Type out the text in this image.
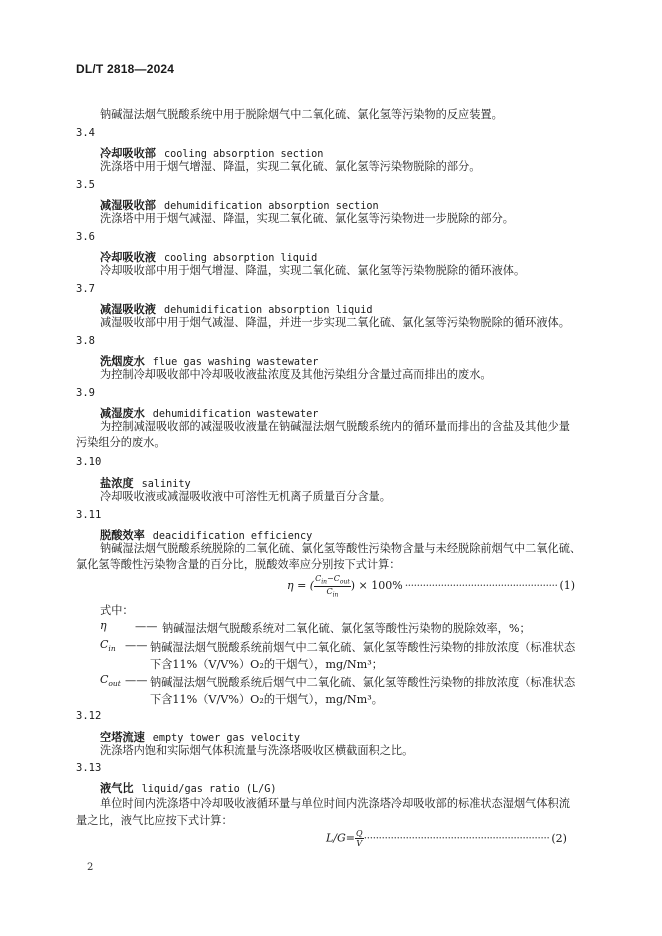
DL/T 2818—2024
钠碱湿法烟气脱酸系统中用于脱除烟气中二氧化硫、氯化氢等污染物的反应装置。
3.4
冷却吸收部 cooling absorption section
洗涤塔中用于烟气增湿、降温，实现二氧化硫、氯化氢等污染物脱除的部分。
3.5
减湿吸收部 dehumidification absorption section
洗涤塔中用于烟气减湿、降温，实现二氧化硫、氯化氢等污染物进一步脱除的部分。
3.6
冷却吸收液 cooling absorption liquid
冷却吸收部中用于烟气增湿、降温，实现二氧化硫、氯化氢等污染物脱除的循环液体。
3.7
减湿吸收液 dehumidification absorption liquid
减湿吸收部中用于烟气减湿、降温，并进一步实现二氧化硫、氯化氢等污染物脱除的循环液体。
3.8
洗烟废水 flue gas washing wastewater
为控制冷却吸收部中冷却吸收液盐浓度及其他污染组分含量过高而排出的废水。
3.9
减湿废水 dehumidification wastewater
为控制减湿吸收部的减湿吸收液量在钠碱湿法烟气脱酸系统内的循环量而排出的含盐及其他少量
污染组分的废水。
3.10
盐浓度 salinity
冷却吸收液或减湿吸收液中可溶性无机离子质量百分含量。
3.11
脱酸效率 deacidification efficiency
钠碱湿法烟气脱酸系统脱除的二氧化硫、氯化氢等酸性污染物含量与未经脱除前烟气中二氧化硫、
氯化氢等酸性污染物含量的百分比，脱酸效率应分别按下式计算：
η = ( $\frac{C_{in}-C_{out}}{C_{in}}$ ) × 100% ··················································· (1)
式中：
η	—— 钠碱湿法烟气脱酸系统对二氧化硫、氯化氢等酸性污染物的脱除效率，%；
$C_{in}$ —— 钠碱湿法烟气脱酸系统前烟气中二氧化硫、氯化氢等酸性污染物的排放浓度（标准状态
下含11%（V/V%）O₂的干烟气），mg/Nm³；
$C_{out}$ —— 钠碱湿法烟气脱酸系统后烟气中二氧化硫、氯化氢等酸性污染物的排放浓度（标准状态
下含11%（V/V%）O₂的干烟气），mg/Nm³。
3.12
空塔流速 empty tower gas velocity
洗涤塔内饱和实际烟气体积流量与洗涤塔吸收区横截面积之比。
3.13
液气比 liquid/gas ratio (L/G)
单位时间内洗涤塔中冷却吸收液循环量与单位时间内洗涤塔冷却吸收部的标准状态湿烟气体积流
量之比，液气比应按下式计算：
$L/G= \frac{Q}{V}$ ······························································ (2)
2
